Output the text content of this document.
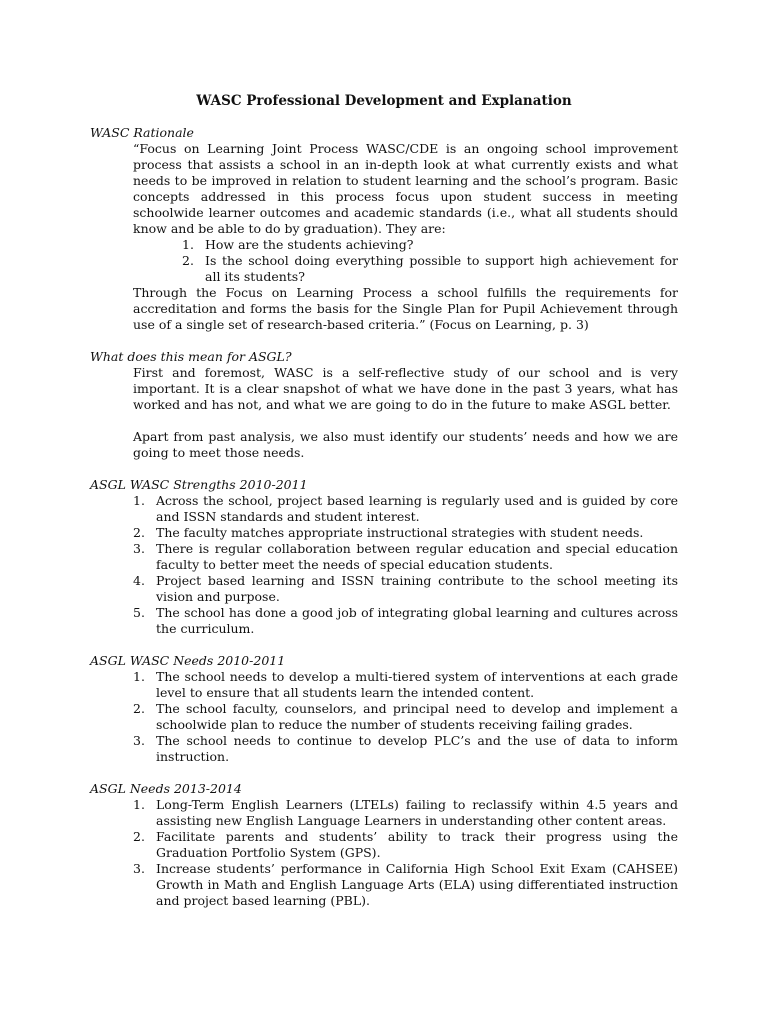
WASC Professional Development and Explanation
WASC Rationale
“Focus on Learning Joint Process WASC/CDE is an ongoing school improvement process that assists a school in an in-depth look at what currently exists and what needs to be improved in relation to student learning and the school’s program. Basic concepts addressed in this process focus upon student success in meeting schoolwide learner outcomes and academic standards (i.e., what all students should know and be able to do by graduation). They are:
1. How are the students achieving?
2. Is the school doing everything possible to support high achievement for all its students?
Through the Focus on Learning Process a school fulfills the requirements for accreditation and forms the basis for the Single Plan for Pupil Achievement through use of a single set of research-based criteria.” (Focus on Learning, p. 3)
What does this mean for ASGL?
First and foremost, WASC is a self-reflective study of our school and is very important. It is a clear snapshot of what we have done in the past 3 years, what has worked and has not, and what we are going to do in the future to make ASGL better.
Apart from past analysis, we also must identify our students’ needs and how we are going to meet those needs.
ASGL WASC Strengths 2010-2011
1. Across the school, project based learning is regularly used and is guided by core and ISSN standards and student interest.
2. The faculty matches appropriate instructional strategies with student needs.
3. There is regular collaboration between regular education and special education faculty to better meet the needs of special education students.
4. Project based learning and ISSN training contribute to the school meeting its vision and purpose.
5. The school has done a good job of integrating global learning and cultures across the curriculum.
ASGL WASC Needs 2010-2011
1. The school needs to develop a multi-tiered system of interventions at each grade level to ensure that all students learn the intended content.
2. The school faculty, counselors, and principal need to develop and implement a schoolwide plan to reduce the number of students receiving failing grades.
3. The school needs to continue to develop PLC’s and the use of data to inform instruction.
ASGL Needs 2013-2014
1. Long-Term English Learners (LTELs) failing to reclassify within 4.5 years and assisting new English Language Learners in understanding other content areas.
2. Facilitate parents and students’ ability to track their progress using the Graduation Portfolio System (GPS).
3. Increase students’ performance in California High School Exit Exam (CAHSEE) Growth in Math and English Language Arts (ELA) using differentiated instruction and project based learning (PBL).
